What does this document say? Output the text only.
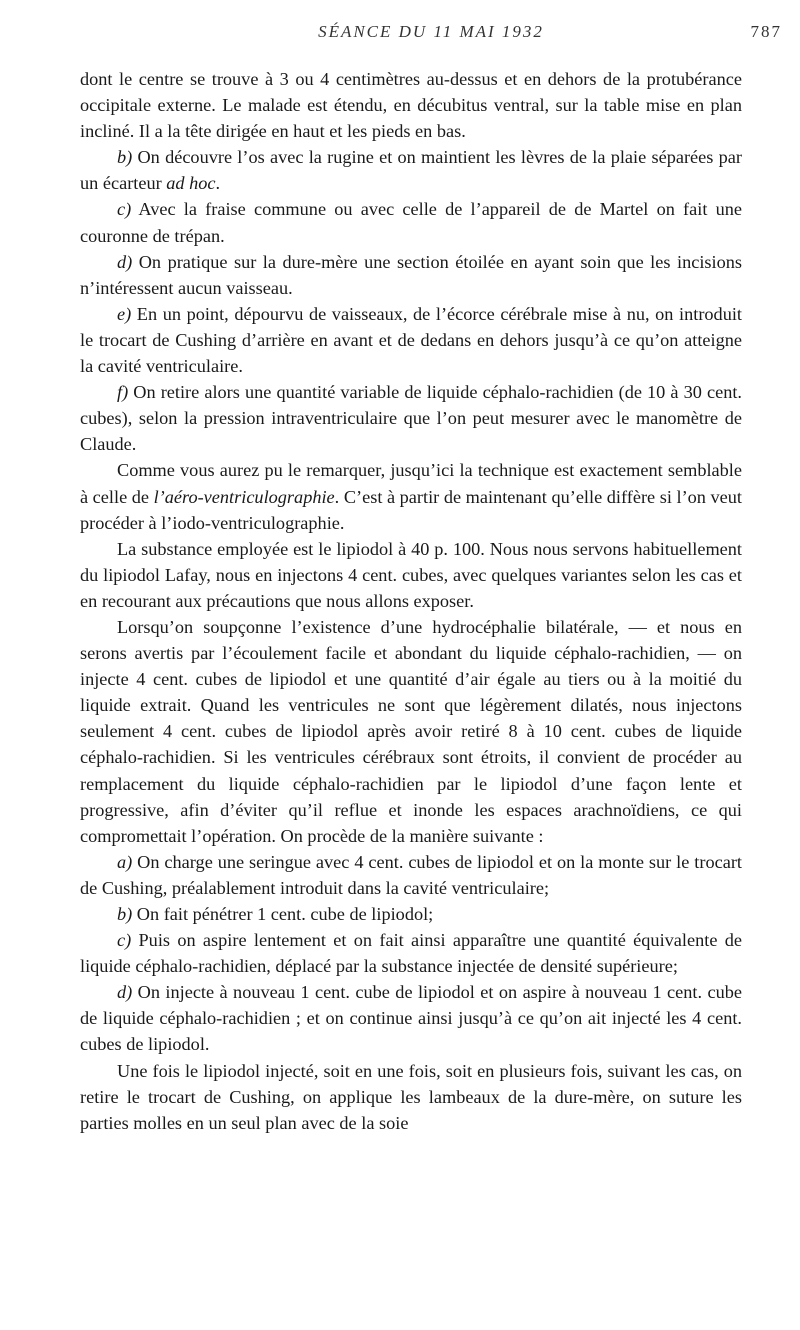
SÉANCE DU 11 MAI 1932	787

dont le centre se trouve à 3 ou 4 centimètres au-dessus et en dehors de la protubérance occipitale externe. Le malade est étendu, en décubitus ventral, sur la table mise en plan incliné. Il a la tête dirigée en haut et les pieds en bas.

b) On découvre l’os avec la rugine et on maintient les lèvres de la plaie séparées par un écarteur ad hoc.

c) Avec la fraise commune ou avec celle de l’appareil de de Martel on fait une couronne de trépan.

d) On pratique sur la dure-mère une section étoilée en ayant soin que les incisions n’intéressent aucun vaisseau.

e) En un point, dépourvu de vaisseaux, de l’écorce cérébrale mise à nu, on introduit le trocart de Cushing d’arrière en avant et de dedans en dehors jusqu’à ce qu’on atteigne la cavité ventriculaire.

f) On retire alors une quantité variable de liquide céphalo-rachidien (de 10 à 30 cent. cubes), selon la pression intraventriculaire que l’on peut mesurer avec le manomètre de Claude.

Comme vous aurez pu le remarquer, jusqu’ici la technique est exactement semblable à celle de l’aéro-ventriculographie. C’est à partir de maintenant qu’elle diffère si l’on veut procéder à l’iodo-ventriculographie.

La substance employée est le lipiodol à 40 p. 100. Nous nous servons habituellement du lipiodol Lafay, nous en injectons 4 cent. cubes, avec quelques variantes selon les cas et en recourant aux précautions que nous allons exposer.

Lorsqu’on soupçonne l’existence d’une hydrocéphalie bilatérale, — et nous en serons avertis par l’écoulement facile et abondant du liquide céphalo-rachidien, — on injecte 4 cent. cubes de lipiodol et une quantité d’air égale au tiers ou à la moitié du liquide extrait. Quand les ventricules ne sont que légèrement dilatés, nous injectons seulement 4 cent. cubes de lipiodol après avoir retiré 8 à 10 cent. cubes de liquide céphalo-rachidien. Si les ventricules cérébraux sont étroits, il convient de procéder au remplacement du liquide céphalo-rachidien par le lipiodol d’une façon lente et progressive, afin d’éviter qu’il reflue et inonde les espaces arachnoïdiens, ce qui compromettait l’opération. On procède de la manière suivante :

a) On charge une seringue avec 4 cent. cubes de lipiodol et on la monte sur le trocart de Cushing, préalablement introduit dans la cavité ventriculaire;

b) On fait pénétrer 1 cent. cube de lipiodol;

c) Puis on aspire lentement et on fait ainsi apparaître une quantité équivalente de liquide céphalo-rachidien, déplacé par la substance injectée de densité supérieure;

d) On injecte à nouveau 1 cent. cube de lipiodol et on aspire à nouveau 1 cent. cube de liquide céphalo-rachidien ; et on continue ainsi jusqu’à ce qu’on ait injecté les 4 cent. cubes de lipiodol.

Une fois le lipiodol injecté, soit en une fois, soit en plusieurs fois, suivant les cas, on retire le trocart de Cushing, on applique les lambeaux de la dure-mère, on suture les parties molles en un seul plan avec de la soie
